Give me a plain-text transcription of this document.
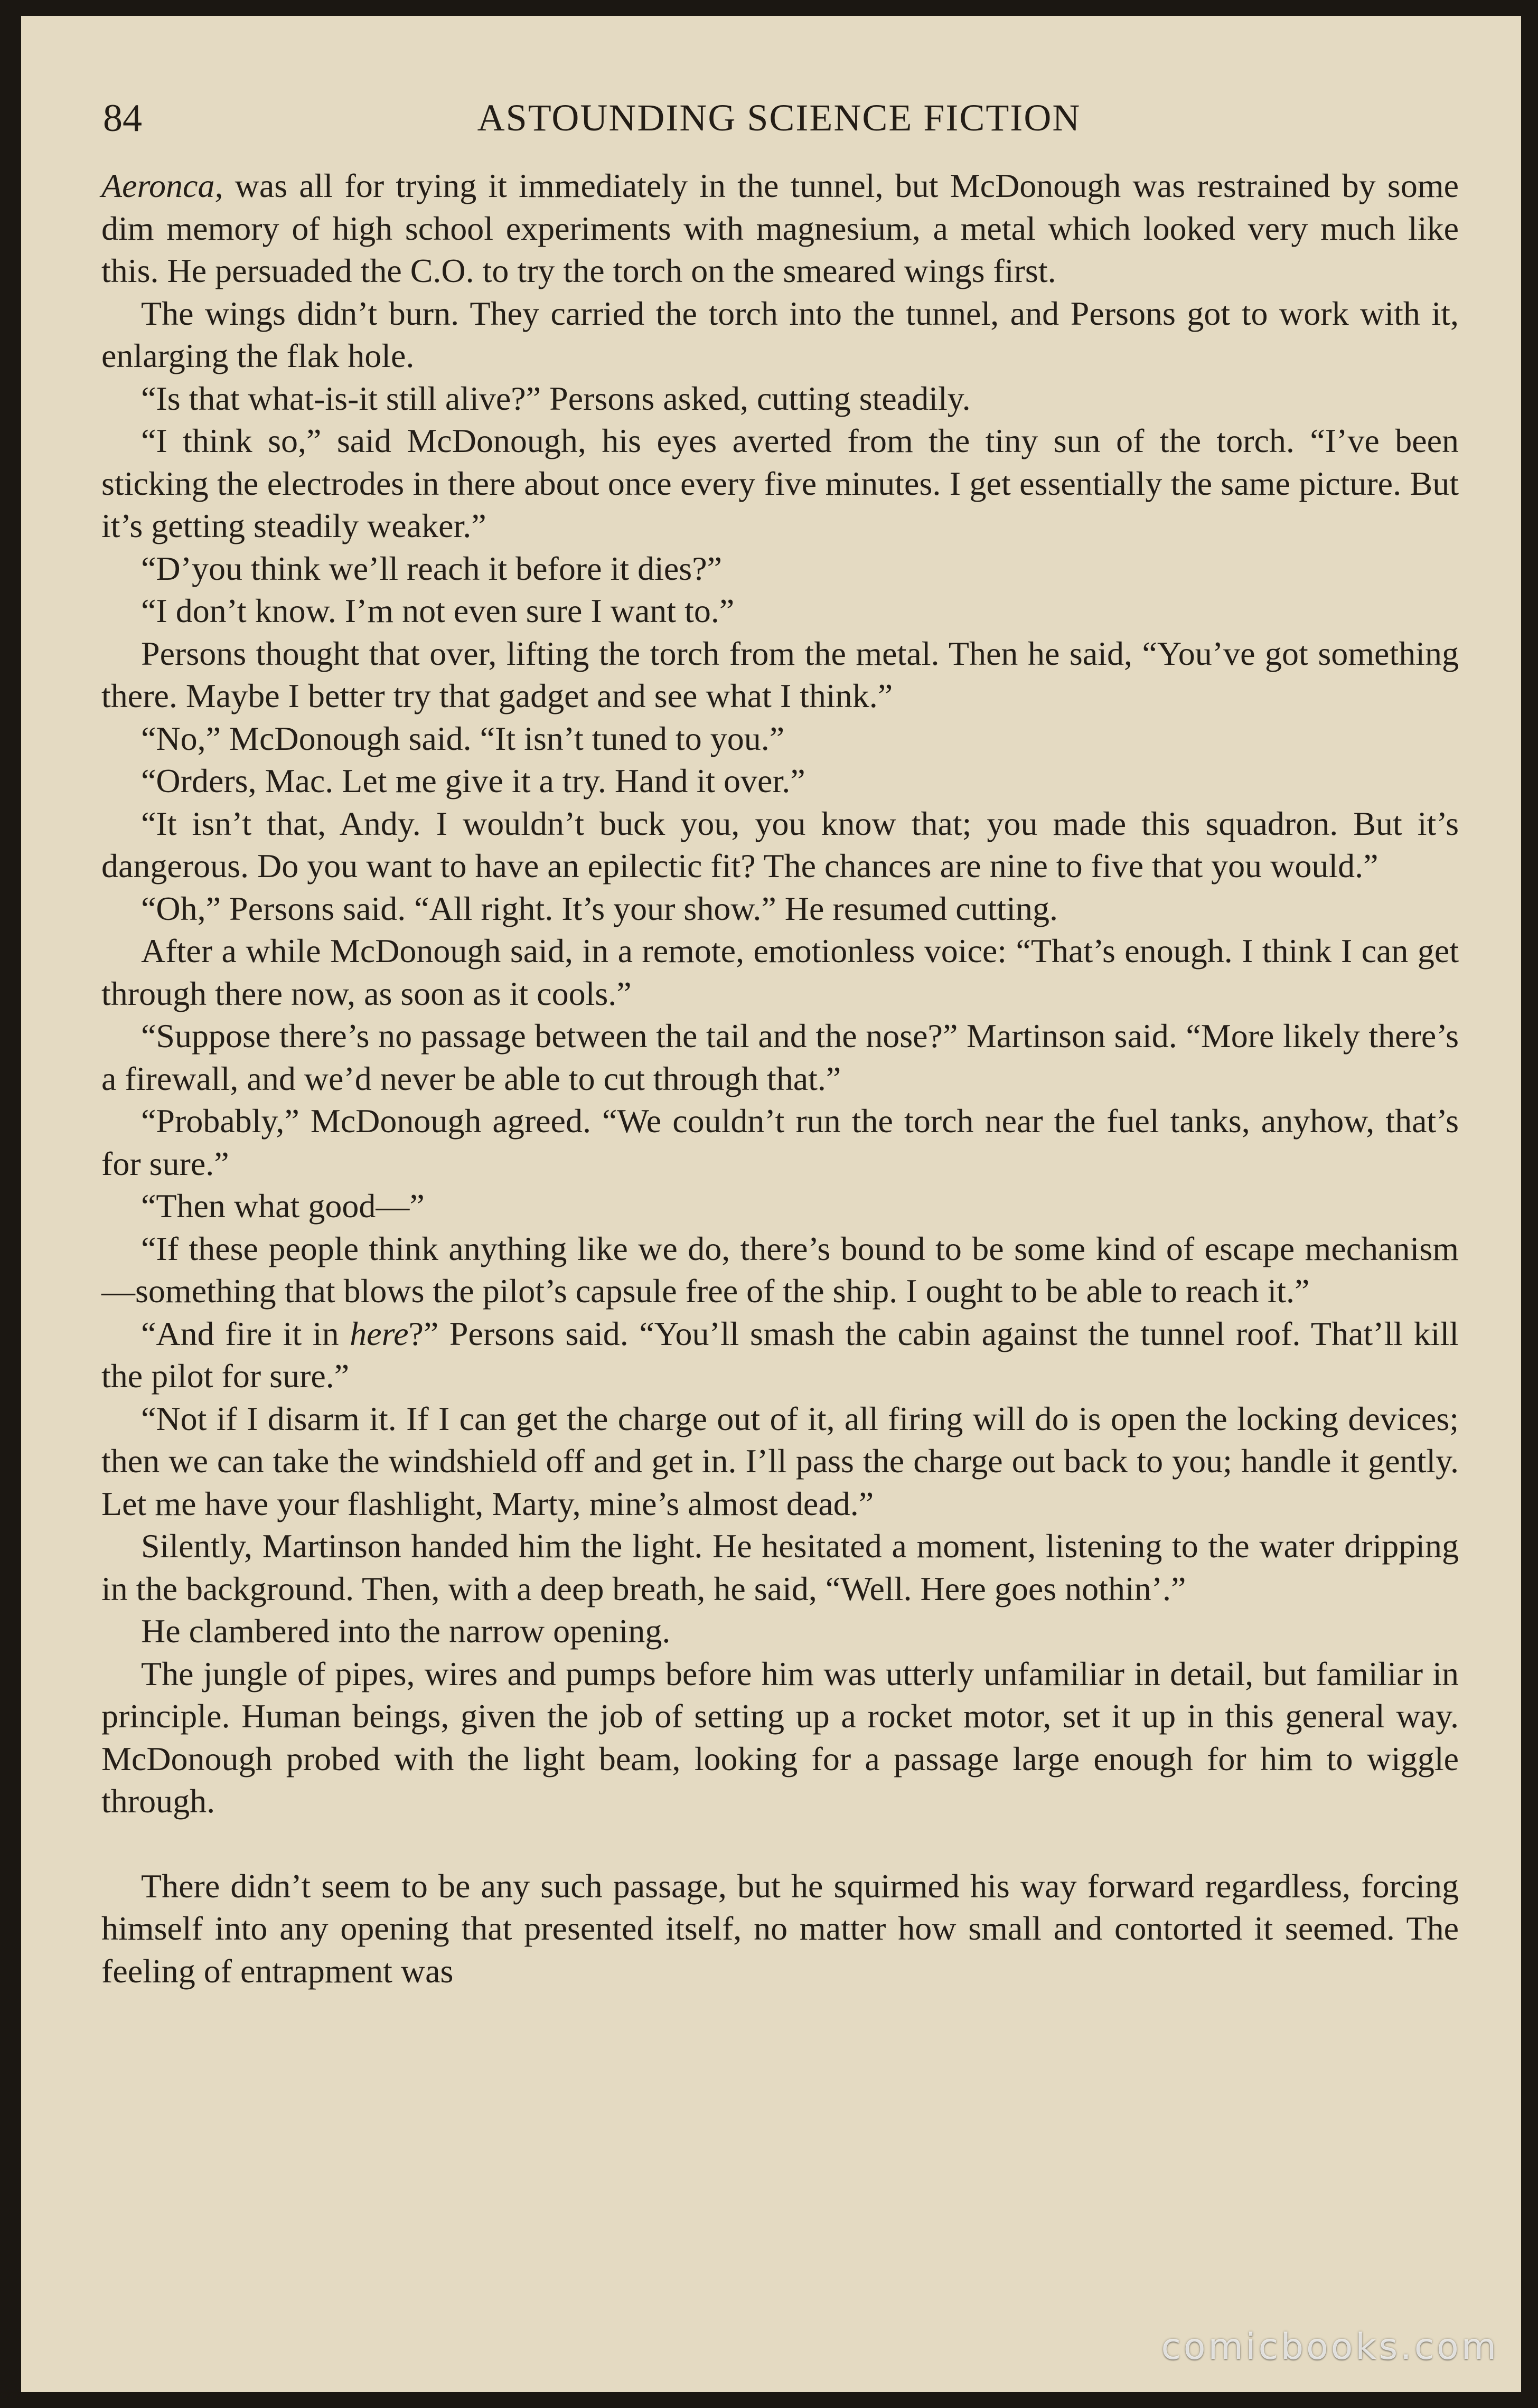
84	ASTOUNDING SCIENCE FICTION

Aeronca, was all for trying it immediately in the tunnel, but McDonough was restrained by some dim memory of high school experiments with magnesium, a metal which looked very much like this. He persuaded the C.O. to try the torch on the smeared wings first.

The wings didn’t burn. They carried the torch into the tunnel, and Persons got to work with it, enlarging the flak hole.

“Is that what-is-it still alive?” Persons asked, cutting steadily.

“I think so,” said McDonough, his eyes averted from the tiny sun of the torch. “I’ve been sticking the electrodes in there about once every five minutes. I get essentially the same picture. But it’s getting steadily weaker.”

“D’you think we’ll reach it before it dies?”

“I don’t know. I’m not even sure I want to.”

Persons thought that over, lifting the torch from the metal. Then he said, “You’ve got something there. Maybe I better try that gadget and see what I think.”

“No,” McDonough said. “It isn’t tuned to you.”

“Orders, Mac. Let me give it a try. Hand it over.”

“It isn’t that, Andy. I wouldn’t buck you, you know that; you made this squadron. But it’s dangerous. Do you want to have an epilectic fit? The chances are nine to five that you would.”

“Oh,” Persons said. “All right. It’s your show.” He resumed cutting.

After a while McDonough said, in a remote, emotionless voice: “That’s enough. I think I can get through there now, as soon as it cools.”

“Suppose there’s no passage between the tail and the nose?” Martinson said. “More likely there’s a firewall, and we’d never be able to cut through that.”

“Probably,” McDonough agreed. “We couldn’t run the torch near the fuel tanks, anyhow, that’s for sure.”

“Then what good—”

“If these people think anything like we do, there’s bound to be some kind of escape mechanism—something that blows the pilot’s capsule free of the ship. I ought to be able to reach it.”

“And fire it in here?” Persons said. “You’ll smash the cabin against the tunnel roof. That’ll kill the pilot for sure.”

“Not if I disarm it. If I can get the charge out of it, all firing will do is open the locking devices; then we can take the windshield off and get in. I’ll pass the charge out back to you; handle it gently. Let me have your flashlight, Marty, mine’s almost dead.”

Silently, Martinson handed him the light. He hesitated a moment, listening to the water dripping in the background. Then, with a deep breath, he said, “Well. Here goes nothin’.”

He clambered into the narrow opening.

The jungle of pipes, wires and pumps before him was utterly unfamiliar in detail, but familiar in principle. Human beings, given the job of setting up a rocket motor, set it up in this general way. McDonough probed with the light beam, looking for a passage large enough for him to wiggle through.

There didn’t seem to be any such passage, but he squirmed his way forward regardless, forcing himself into any opening that presented itself, no matter how small and contorted it seemed. The feeling of entrapment was

comicbooks.com
